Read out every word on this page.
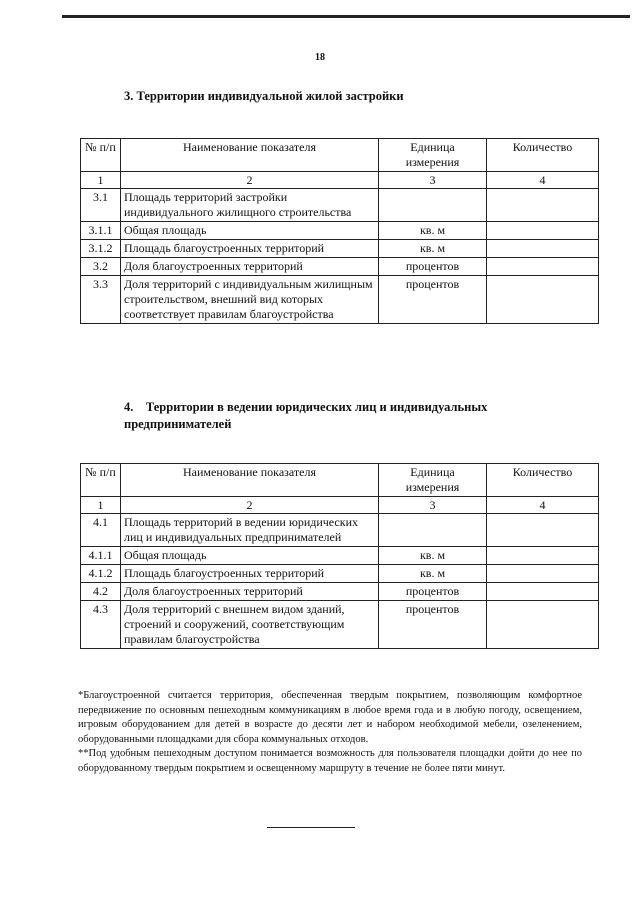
18
3. Территории индивидуальной жилой застройки
№ п/п	Наименование показателя	Единица измерения	Количество
1	2	3	4
3.1	Площадь территорий застройки индивидуального жилищного строительства		
3.1.1	Общая площадь	кв. м	
3.1.2	Площадь благоустроенных территорий	кв. м	
3.2	Доля благоустроенных территорий	процентов	
3.3	Доля территорий с индивидуальным жилищным строительством, внешний вид которых соответствует правилам благоустройства	процентов	
4.    Территории в ведении юридических лиц и индивидуальных предпринимателей
№ п/п	Наименование показателя	Единица измерения	Количество
1	2	3	4
4.1	Площадь территорий в ведении юридических лиц и индивидуальных предпринимателей		
4.1.1	Общая площадь	кв. м	
4.1.2	Площадь благоустроенных территорий	кв. м	
4.2	Доля благоустроенных территорий	процентов	
4.3	Доля территорий с внешнем видом зданий, строений и сооружений, соответствующим правилам благоустройства	процентов	

*Благоустроенной считается территория, обеспеченная твердым покрытием, позволяющим комфортное передвижение по основным пешеходным коммуникациям в любое время года и в любую погоду, освещением, игровым оборудованием для детей в возрасте до десяти лет и набором необходимой мебели, озеленением, оборудованными площадками для сбора коммунальных отходов.

**Под удобным пешеходным доступом понимается возможность для пользователя площадки дойти до нее по оборудованному твердым покрытием и освещенному маршруту в течение не более пяти минут.
